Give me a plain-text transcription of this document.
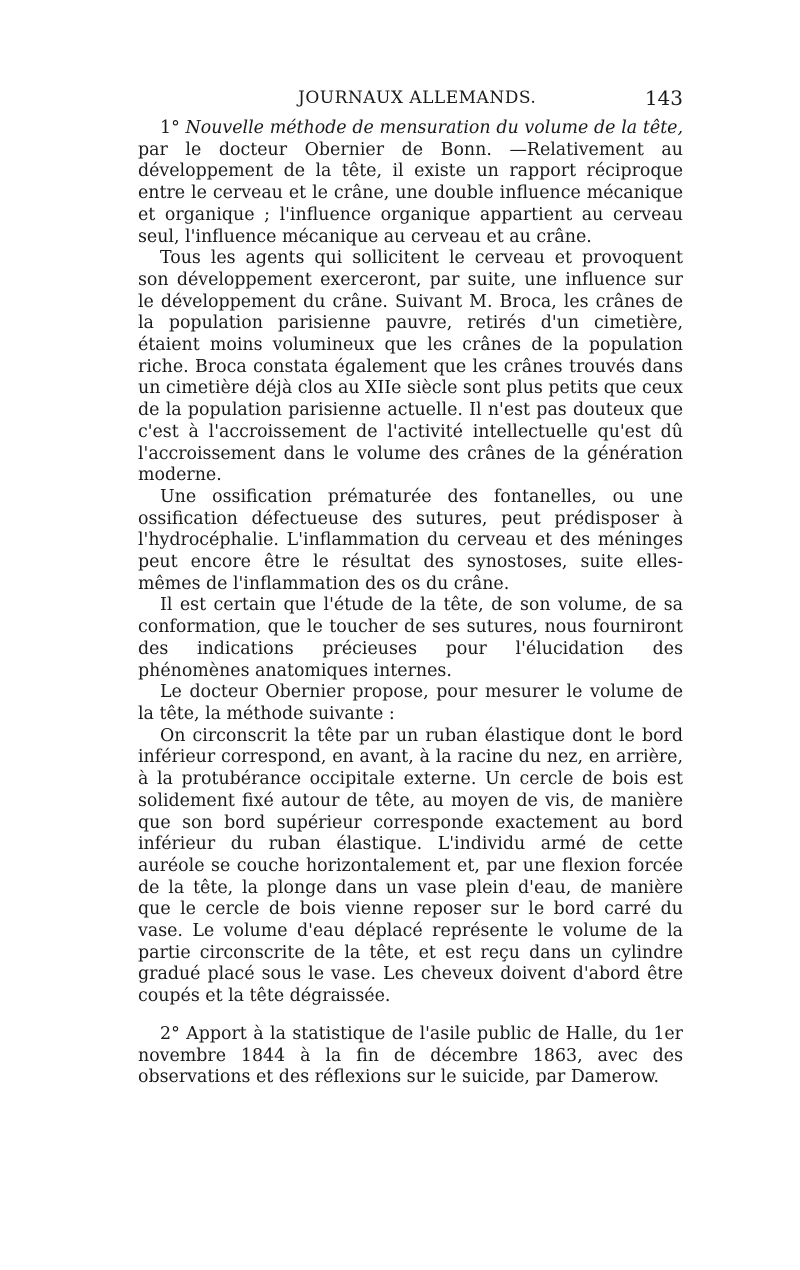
JOURNAUX ALLEMANDS.	143

1° Nouvelle méthode de mensuration du volume de la tête, par le docteur Obernier de Bonn. —Relativement au développement de la tête, il existe un rapport réciproque entre le cerveau et le crâne, une double influence mécanique et organique ; l'influence organique appartient au cerveau seul, l'influence mécanique au cerveau et au crâne.

Tous les agents qui sollicitent le cerveau et provoquent son développement exerceront, par suite, une influence sur le développement du crâne. Suivant M. Broca, les crânes de la population parisienne pauvre, retirés d'un cimetière, étaient moins volumineux que les crânes de la population riche. Broca constata également que les crânes trouvés dans un cimetière déjà clos au XIIe siècle sont plus petits que ceux de la population parisienne actuelle. Il n'est pas douteux que c'est à l'accroissement de l'activité intellectuelle qu'est dû l'accroissement dans le volume des crânes de la génération moderne.

Une ossification prématurée des fontanelles, ou une ossification défectueuse des sutures, peut prédisposer à l'hydrocéphalie. L'inflammation du cerveau et des méninges peut encore être le résultat des synostoses, suite elles-mêmes de l'inflammation des os du crâne.

Il est certain que l'étude de la tête, de son volume, de sa conformation, que le toucher de ses sutures, nous fourniront des indications précieuses pour l'élucidation des phénomènes anatomiques internes.

Le docteur Obernier propose, pour mesurer le volume de la tête, la méthode suivante :

On circonscrit la tête par un ruban élastique dont le bord inférieur correspond, en avant, à la racine du nez, en arrière, à la protubérance occipitale externe. Un cercle de bois est solidement fixé autour de tête, au moyen de vis, de manière que son bord supérieur corresponde exactement au bord inférieur du ruban élastique. L'individu armé de cette auréole se couche horizontalement et, par une flexion forcée de la tête, la plonge dans un vase plein d'eau, de manière que le cercle de bois vienne reposer sur le bord carré du vase. Le volume d'eau déplacé représente le volume de la partie circonscrite de la tête, et est reçu dans un cylindre gradué placé sous le vase. Les cheveux doivent d'abord être coupés et la tête dégraissée.

2° Apport à la statistique de l'asile public de Halle, du 1er novembre 1844 à la fin de décembre 1863, avec des observations et des réflexions sur le suicide, par Damerow.
